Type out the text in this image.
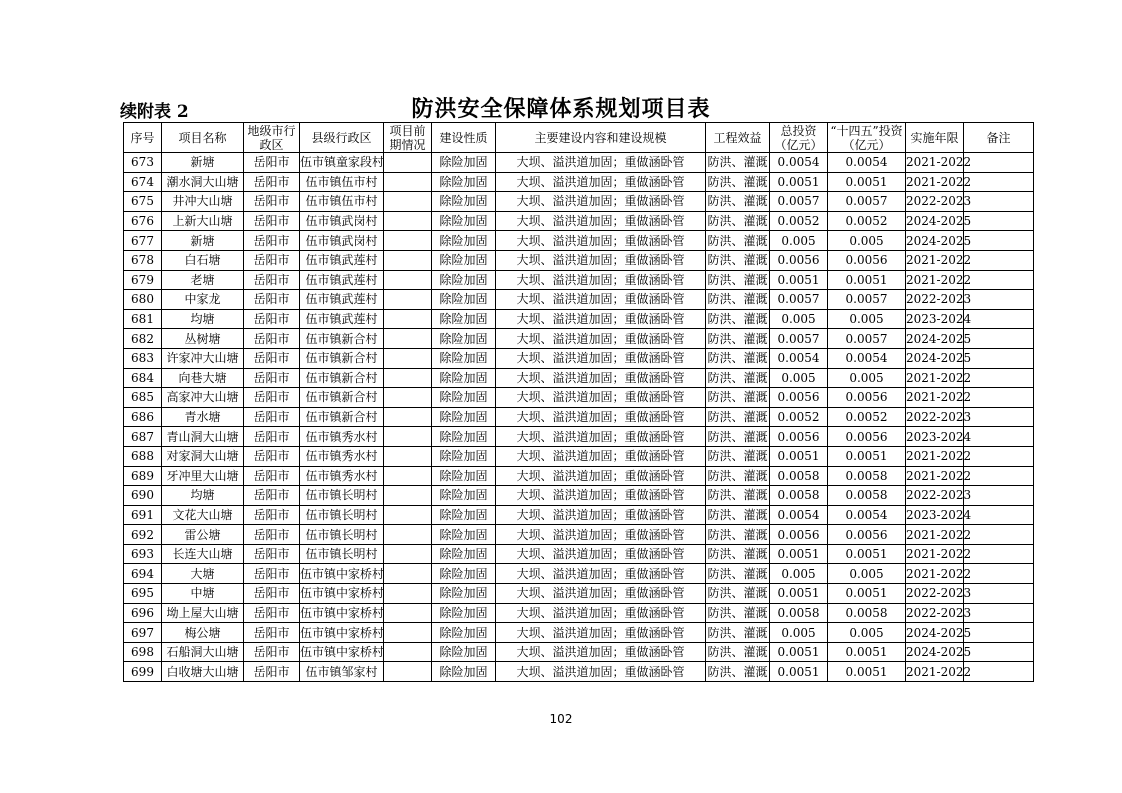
续附表 2	防洪安全保障体系规划项目表
序号	项目名称	地级市行政区	县级行政区	项目前期情况	建设性质	主要建设内容和建设规模	工程效益	总投资（亿元）	“十四五”投资（亿元）	实施年限	备注
673	新塘	岳阳市	伍市镇童家段村		除险加固	大坝、溢洪道加固；重做涵卧管	防洪、灌溉	0.0054	0.0054	2021-2022	
674	潮水洞大山塘	岳阳市	伍市镇伍市村		除险加固	大坝、溢洪道加固；重做涵卧管	防洪、灌溉	0.0051	0.0051	2021-2022	
675	井冲大山塘	岳阳市	伍市镇伍市村		除险加固	大坝、溢洪道加固；重做涵卧管	防洪、灌溉	0.0057	0.0057	2022-2023	
676	上新大山塘	岳阳市	伍市镇武岗村		除险加固	大坝、溢洪道加固；重做涵卧管	防洪、灌溉	0.0052	0.0052	2024-2025	
677	新塘	岳阳市	伍市镇武岗村		除险加固	大坝、溢洪道加固；重做涵卧管	防洪、灌溉	0.005	0.005	2024-2025	
678	白石塘	岳阳市	伍市镇武莲村		除险加固	大坝、溢洪道加固；重做涵卧管	防洪、灌溉	0.0056	0.0056	2021-2022	
679	老塘	岳阳市	伍市镇武莲村		除险加固	大坝、溢洪道加固；重做涵卧管	防洪、灌溉	0.0051	0.0051	2021-2022	
680	中家龙	岳阳市	伍市镇武莲村		除险加固	大坝、溢洪道加固；重做涵卧管	防洪、灌溉	0.0057	0.0057	2022-2023	
681	均塘	岳阳市	伍市镇武莲村		除险加固	大坝、溢洪道加固；重做涵卧管	防洪、灌溉	0.005	0.005	2023-2024	
682	丛树塘	岳阳市	伍市镇新合村		除险加固	大坝、溢洪道加固；重做涵卧管	防洪、灌溉	0.0057	0.0057	2024-2025	
683	许家冲大山塘	岳阳市	伍市镇新合村		除险加固	大坝、溢洪道加固；重做涵卧管	防洪、灌溉	0.0054	0.0054	2024-2025	
684	向巷大塘	岳阳市	伍市镇新合村		除险加固	大坝、溢洪道加固；重做涵卧管	防洪、灌溉	0.005	0.005	2021-2022	
685	高家冲大山塘	岳阳市	伍市镇新合村		除险加固	大坝、溢洪道加固；重做涵卧管	防洪、灌溉	0.0056	0.0056	2021-2022	
686	青水塘	岳阳市	伍市镇新合村		除险加固	大坝、溢洪道加固；重做涵卧管	防洪、灌溉	0.0052	0.0052	2022-2023	
687	青山洞大山塘	岳阳市	伍市镇秀水村		除险加固	大坝、溢洪道加固；重做涵卧管	防洪、灌溉	0.0056	0.0056	2023-2024	
688	对家洞大山塘	岳阳市	伍市镇秀水村		除险加固	大坝、溢洪道加固；重做涵卧管	防洪、灌溉	0.0051	0.0051	2021-2022	
689	牙冲里大山塘	岳阳市	伍市镇秀水村		除险加固	大坝、溢洪道加固；重做涵卧管	防洪、灌溉	0.0058	0.0058	2021-2022	
690	均塘	岳阳市	伍市镇长明村		除险加固	大坝、溢洪道加固；重做涵卧管	防洪、灌溉	0.0058	0.0058	2022-2023	
691	文花大山塘	岳阳市	伍市镇长明村		除险加固	大坝、溢洪道加固；重做涵卧管	防洪、灌溉	0.0054	0.0054	2023-2024	
692	雷公塘	岳阳市	伍市镇长明村		除险加固	大坝、溢洪道加固；重做涵卧管	防洪、灌溉	0.0056	0.0056	2021-2022	
693	长连大山塘	岳阳市	伍市镇长明村		除险加固	大坝、溢洪道加固；重做涵卧管	防洪、灌溉	0.0051	0.0051	2021-2022	
694	大塘	岳阳市	伍市镇中家桥村		除险加固	大坝、溢洪道加固；重做涵卧管	防洪、灌溉	0.005	0.005	2021-2022	
695	中塘	岳阳市	伍市镇中家桥村		除险加固	大坝、溢洪道加固；重做涵卧管	防洪、灌溉	0.0051	0.0051	2022-2023	
696	坳上屋大山塘	岳阳市	伍市镇中家桥村		除险加固	大坝、溢洪道加固；重做涵卧管	防洪、灌溉	0.0058	0.0058	2022-2023	
697	梅公塘	岳阳市	伍市镇中家桥村		除险加固	大坝、溢洪道加固；重做涵卧管	防洪、灌溉	0.005	0.005	2024-2025	
698	石船洞大山塘	岳阳市	伍市镇中家桥村		除险加固	大坝、溢洪道加固；重做涵卧管	防洪、灌溉	0.0051	0.0051	2024-2025	
699	白收塘大山塘	岳阳市	伍市镇邹家村		除险加固	大坝、溢洪道加固；重做涵卧管	防洪、灌溉	0.0051	0.0051	2021-2022	
102
